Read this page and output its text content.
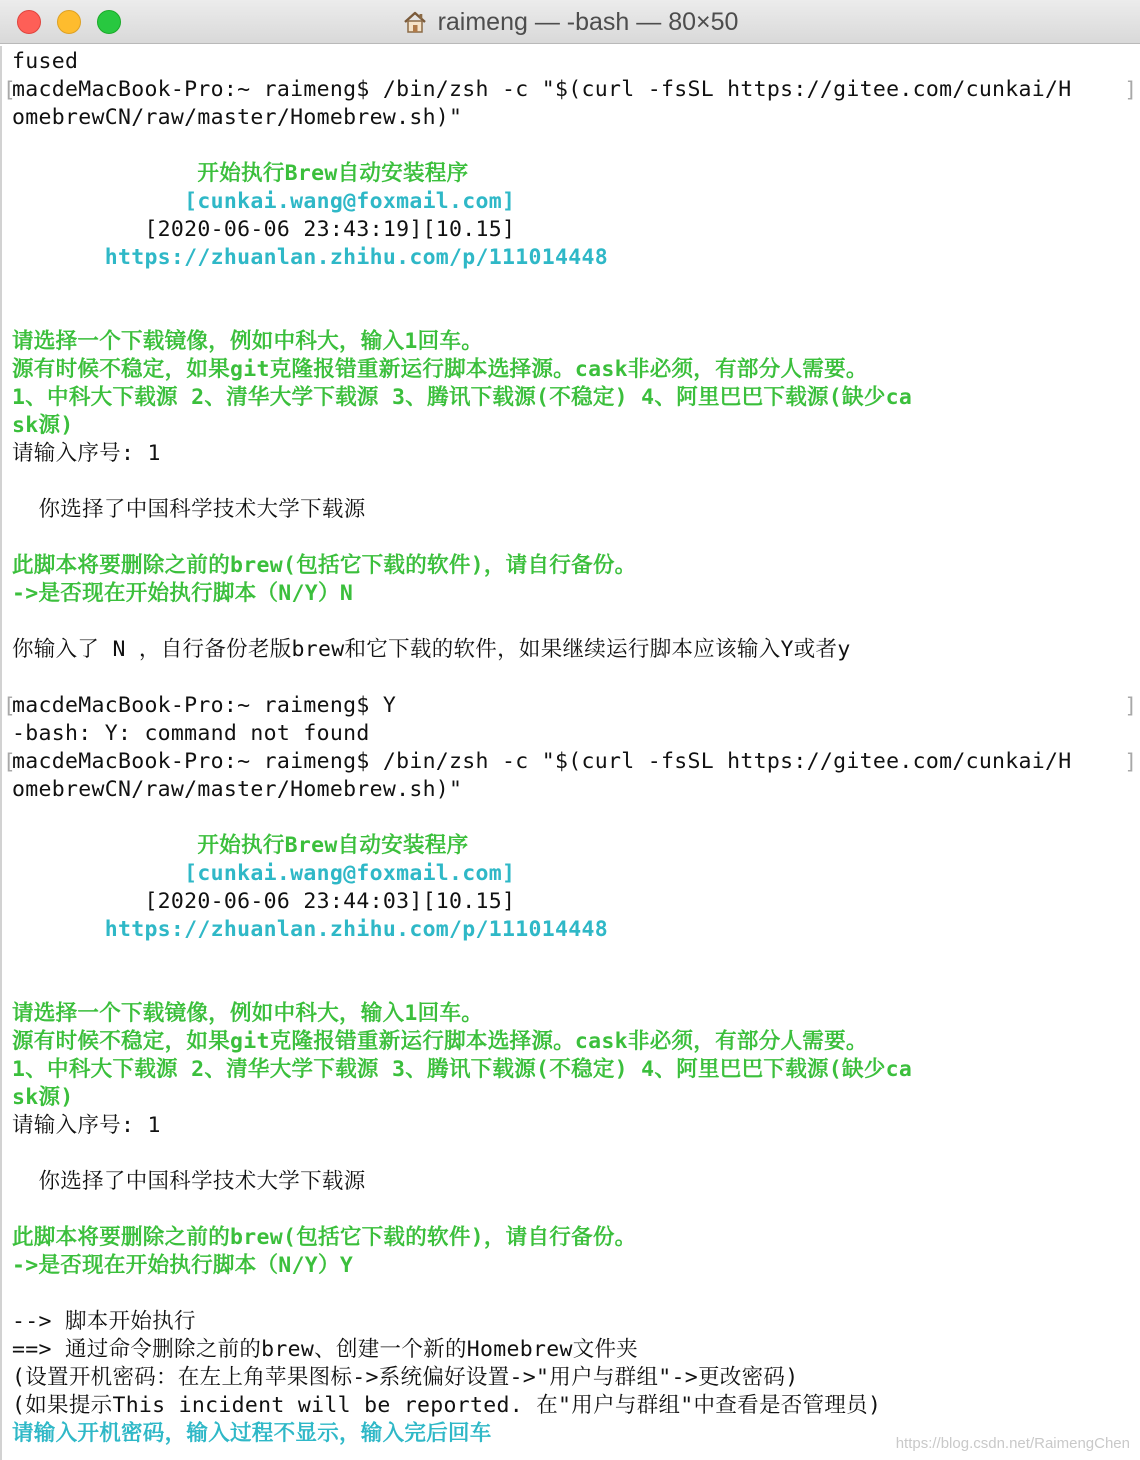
raimeng — -bash — 80×50
fused
macdeMacBook-Pro:~ raimeng$ /bin/zsh -c "$(curl -fsSL https://gitee.com/cunkai/H
[	]
omebrewCN/raw/master/Homebrew.sh)"
开始执行Brew自动安装程序
[cunkai.wang@foxmail.com]
[2020-06-06 23:43:19][10.15]
https://zhuanlan.zhihu.com/p/111014448
请选择一个下载镜像，例如中科大，输入1回车。
源有时候不稳定，如果git克隆报错重新运行脚本选择源。cask非必须，有部分人需要。
1、中科大下载源 2、清华大学下载源 3、腾讯下载源(不稳定) 4、阿里巴巴下载源(缺少ca
sk源)
请输入序号: 1
你选择了中国科学技术大学下载源
此脚本将要删除之前的brew(包括它下载的软件)，请自行备份。
->是否现在开始执行脚本（N/Y）N
你输入了 N ，自行备份老版brew和它下载的软件，如果继续运行脚本应该输入Y或者y
macdeMacBook-Pro:~ raimeng$ Y
[	]
-bash: Y: command not found
macdeMacBook-Pro:~ raimeng$ /bin/zsh -c "$(curl -fsSL https://gitee.com/cunkai/H
[	]
omebrewCN/raw/master/Homebrew.sh)"
开始执行Brew自动安装程序
[cunkai.wang@foxmail.com]
[2020-06-06 23:44:03][10.15]
https://zhuanlan.zhihu.com/p/111014448
请选择一个下载镜像，例如中科大，输入1回车。
源有时候不稳定，如果git克隆报错重新运行脚本选择源。cask非必须，有部分人需要。
1、中科大下载源 2、清华大学下载源 3、腾讯下载源(不稳定) 4、阿里巴巴下载源(缺少ca
sk源)
请输入序号: 1
你选择了中国科学技术大学下载源
此脚本将要删除之前的brew(包括它下载的软件)，请自行备份。
->是否现在开始执行脚本（N/Y）Y
--> 脚本开始执行
==> 通过命令删除之前的brew、创建一个新的Homebrew文件夹
(设置开机密码：在左上角苹果图标->系统偏好设置->"用户与群组"->更改密码)
(如果提示This incident will be reported. 在"用户与群组"中查看是否管理员)
请输入开机密码，输入过程不显示，输入完后回车	https://blog.csdn.net/RaimengChen
